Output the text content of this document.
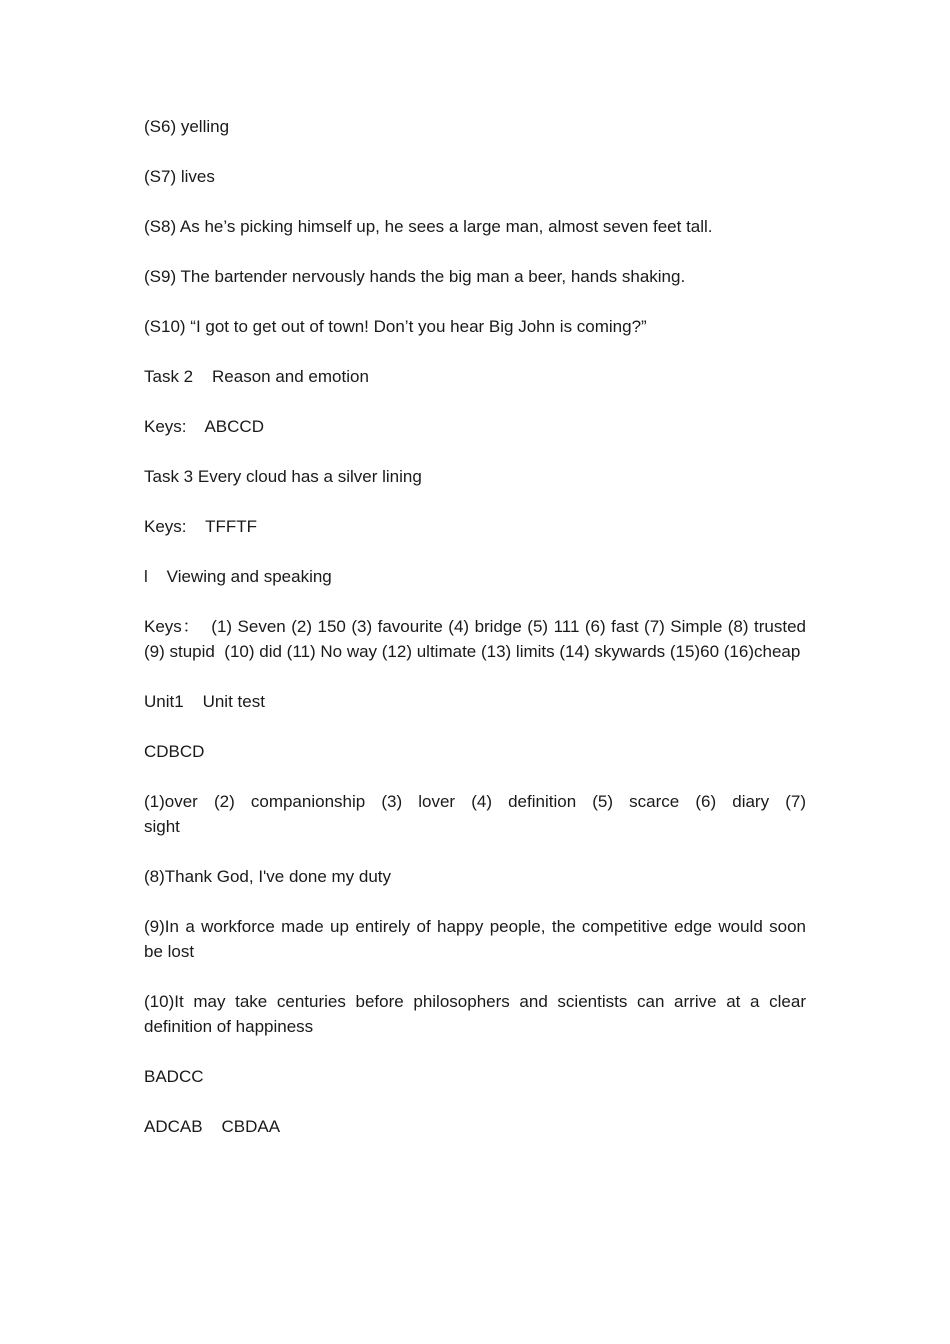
(S6) yelling

(S7) lives

(S8) As he’s picking himself up, he sees a large man, almost seven feet tall.

(S9) The bartender nervously hands the big man a beer, hands shaking.

(S10) “I got to get out of town! Don’t you hear Big John is coming?”

Task 2    Reason and emotion

Keys:    ABCCD

Task 3 Every cloud has a silver lining

Keys:    TFFTF

l    Viewing and speaking

Keys：  (1) Seven (2) 150 (3) favourite (4) bridge (5) 111 (6) fast (7) Simple (8) trusted (9) stupid  (10) did (11) No way (12) ultimate (13) limits (14) skywards (15)60 (16)cheap

Unit1    Unit test

CDBCD

(1)over (2) companionship (3) lover (4) definition (5) scarce (6) diary (7) sight

(8)Thank God, I've done my duty

(9)In a workforce made up entirely of happy people, the competitive edge would soon be lost

(10)It may take centuries before philosophers and scientists can arrive at a clear definition of happiness

BADCC

ADCAB    CBDAA
